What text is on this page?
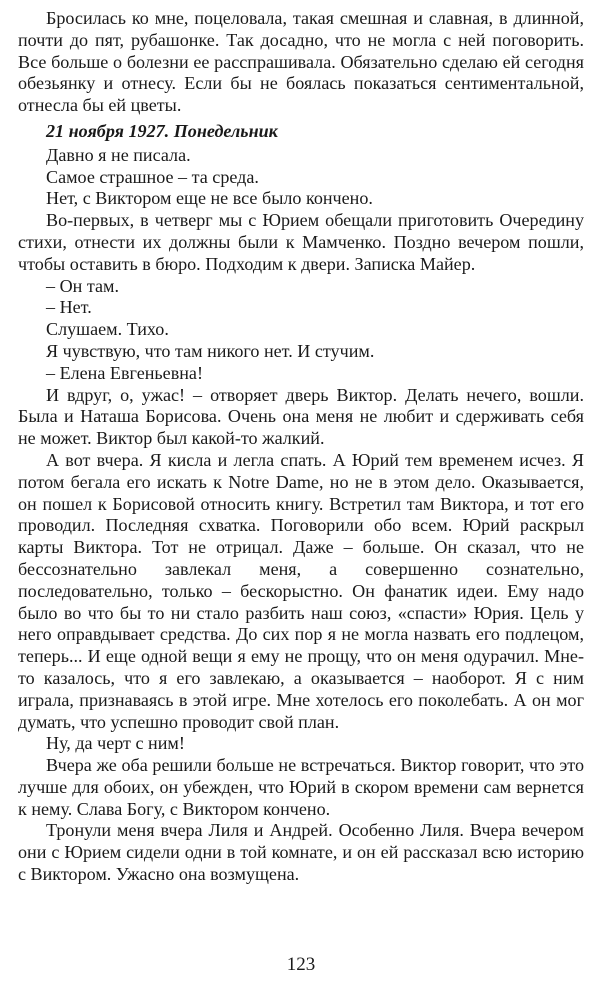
Бросилась ко мне, поцеловала, такая смешная и славная, в длинной, почти до пят, рубашонке. Так досадно, что не могла с ней поговорить. Все больше о болезни ее расспрашивала. Обязательно сделаю ей сегодня обезьянку и отнесу. Если бы не боялась показаться сентиментальной, отнесла бы ей цветы.

21 ноября 1927. Понедельник

Давно я не писала.

Самое страшное – та среда.

Нет, с Виктором еще не все было кончено.

Во-первых, в четверг мы с Юрием обещали приготовить Очередину стихи, отнести их должны были к Мамченко. Поздно вечером пошли, чтобы оставить в бюро. Подходим к двери. Записка Майер.

– Он там.

– Нет.

Слушаем. Тихо.

Я чувствую, что там никого нет. И стучим.

– Елена Евгеньевна!

И вдруг, о, ужас! – отворяет дверь Виктор. Делать нечего, вошли. Была и Наташа Борисова. Очень она меня не любит и сдерживать себя не может. Виктор был какой-то жалкий.

А вот вчера. Я кисла и легла спать. А Юрий тем временем исчез. Я потом бегала его искать к Notre Dame, но не в этом дело. Оказывается, он пошел к Борисовой относить книгу. Встретил там Виктора, и тот его проводил. Последняя схватка. Поговорили обо всем. Юрий раскрыл карты Виктора. Тот не отрицал. Даже – больше. Он сказал, что не бессознательно завлекал меня, а совершенно сознательно, последовательно, только – бескорыстно. Он фанатик идеи. Ему надо было во что бы то ни стало разбить наш союз, «спасти» Юрия. Цель у него оправдывает средства. До сих пор я не могла назвать его подлецом, теперь... И еще одной вещи я ему не прощу, что он меня одурачил. Мне-то казалось, что я его завлекаю, а оказывается – наоборот. Я с ним играла, признаваясь в этой игре. Мне хотелось его поколебать. А он мог думать, что успешно проводит свой план.

Ну, да черт с ним!

Вчера же оба решили больше не встречаться. Виктор говорит, что это лучше для обоих, он убежден, что Юрий в скором времени сам вернется к нему. Слава Богу, с Виктором кончено.

Тронули меня вчера Лиля и Андрей. Особенно Лиля. Вчера вечером они с Юрием сидели одни в той комнате, и он ей рассказал всю историю с Виктором. Ужасно она возмущена.

123
